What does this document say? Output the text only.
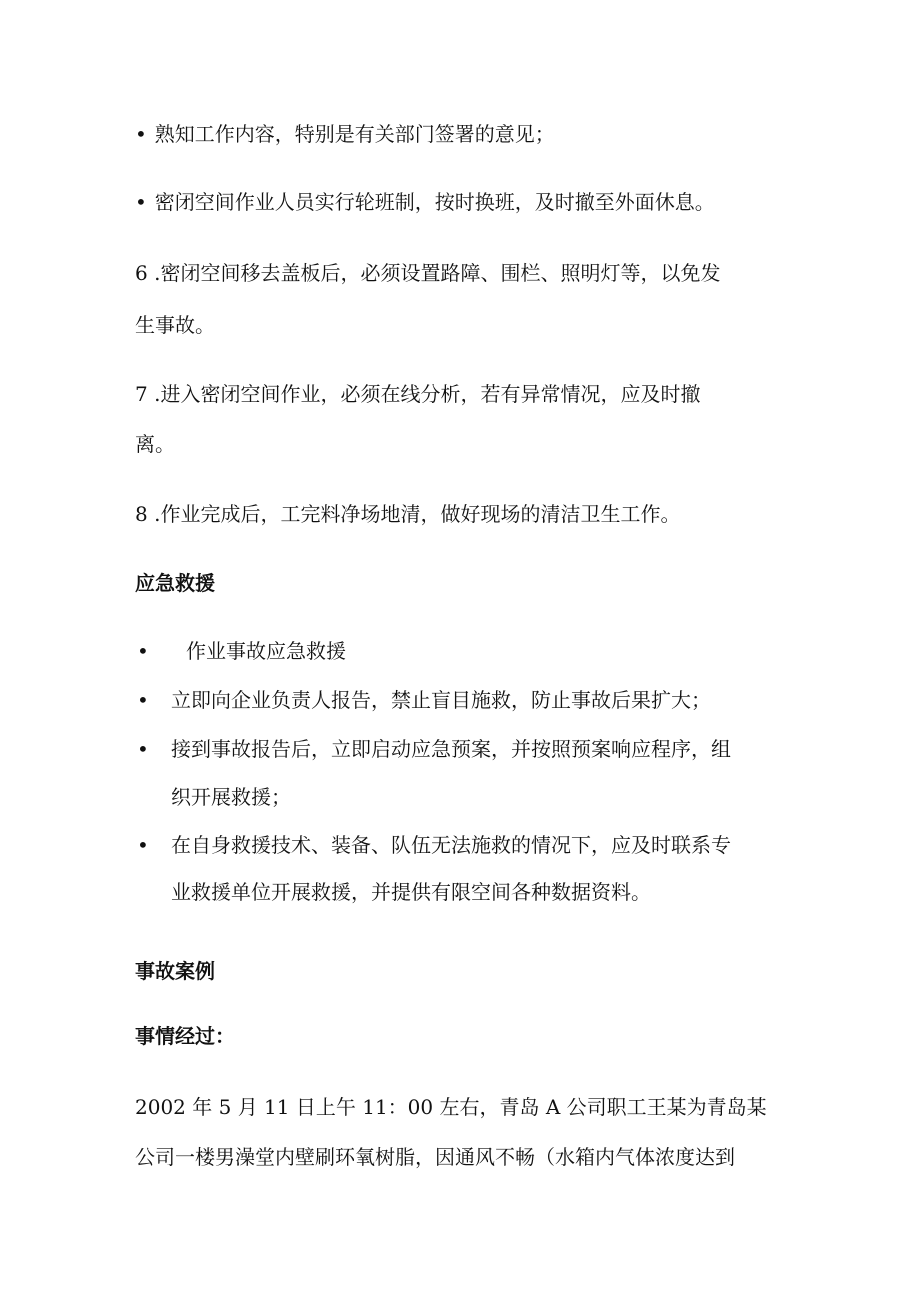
• 熟知工作内容，特别是有关部门签署的意见；
• 密闭空间作业人员实行轮班制，按时换班，及时撤至外面休息。
6 .密闭空间移去盖板后，必须设置路障、围栏、照明灯等，以免发
生事故。
7 .进入密闭空间作业，必须在线分析，若有异常情况，应及时撤
离。
8 .作业完成后，工完料净场地清，做好现场的清洁卫生工作。
应急救援
• 作业事故应急救援
• 立即向企业负责人报告，禁止盲目施救，防止事故后果扩大；
• 接到事故报告后，立即启动应急预案，并按照预案响应程序，组
织开展救援；
• 在自身救援技术、装备、队伍无法施救的情况下，应及时联系专
业救援单位开展救援，并提供有限空间各种数据资料。
事故案例
事情经过：
2002 年 5 月 11 日上午 11：00 左右，青岛 A 公司职工王某为青岛某
公司一楼男澡堂内壁刷环氧树脂，因通风不畅（水箱内气体浓度达到
